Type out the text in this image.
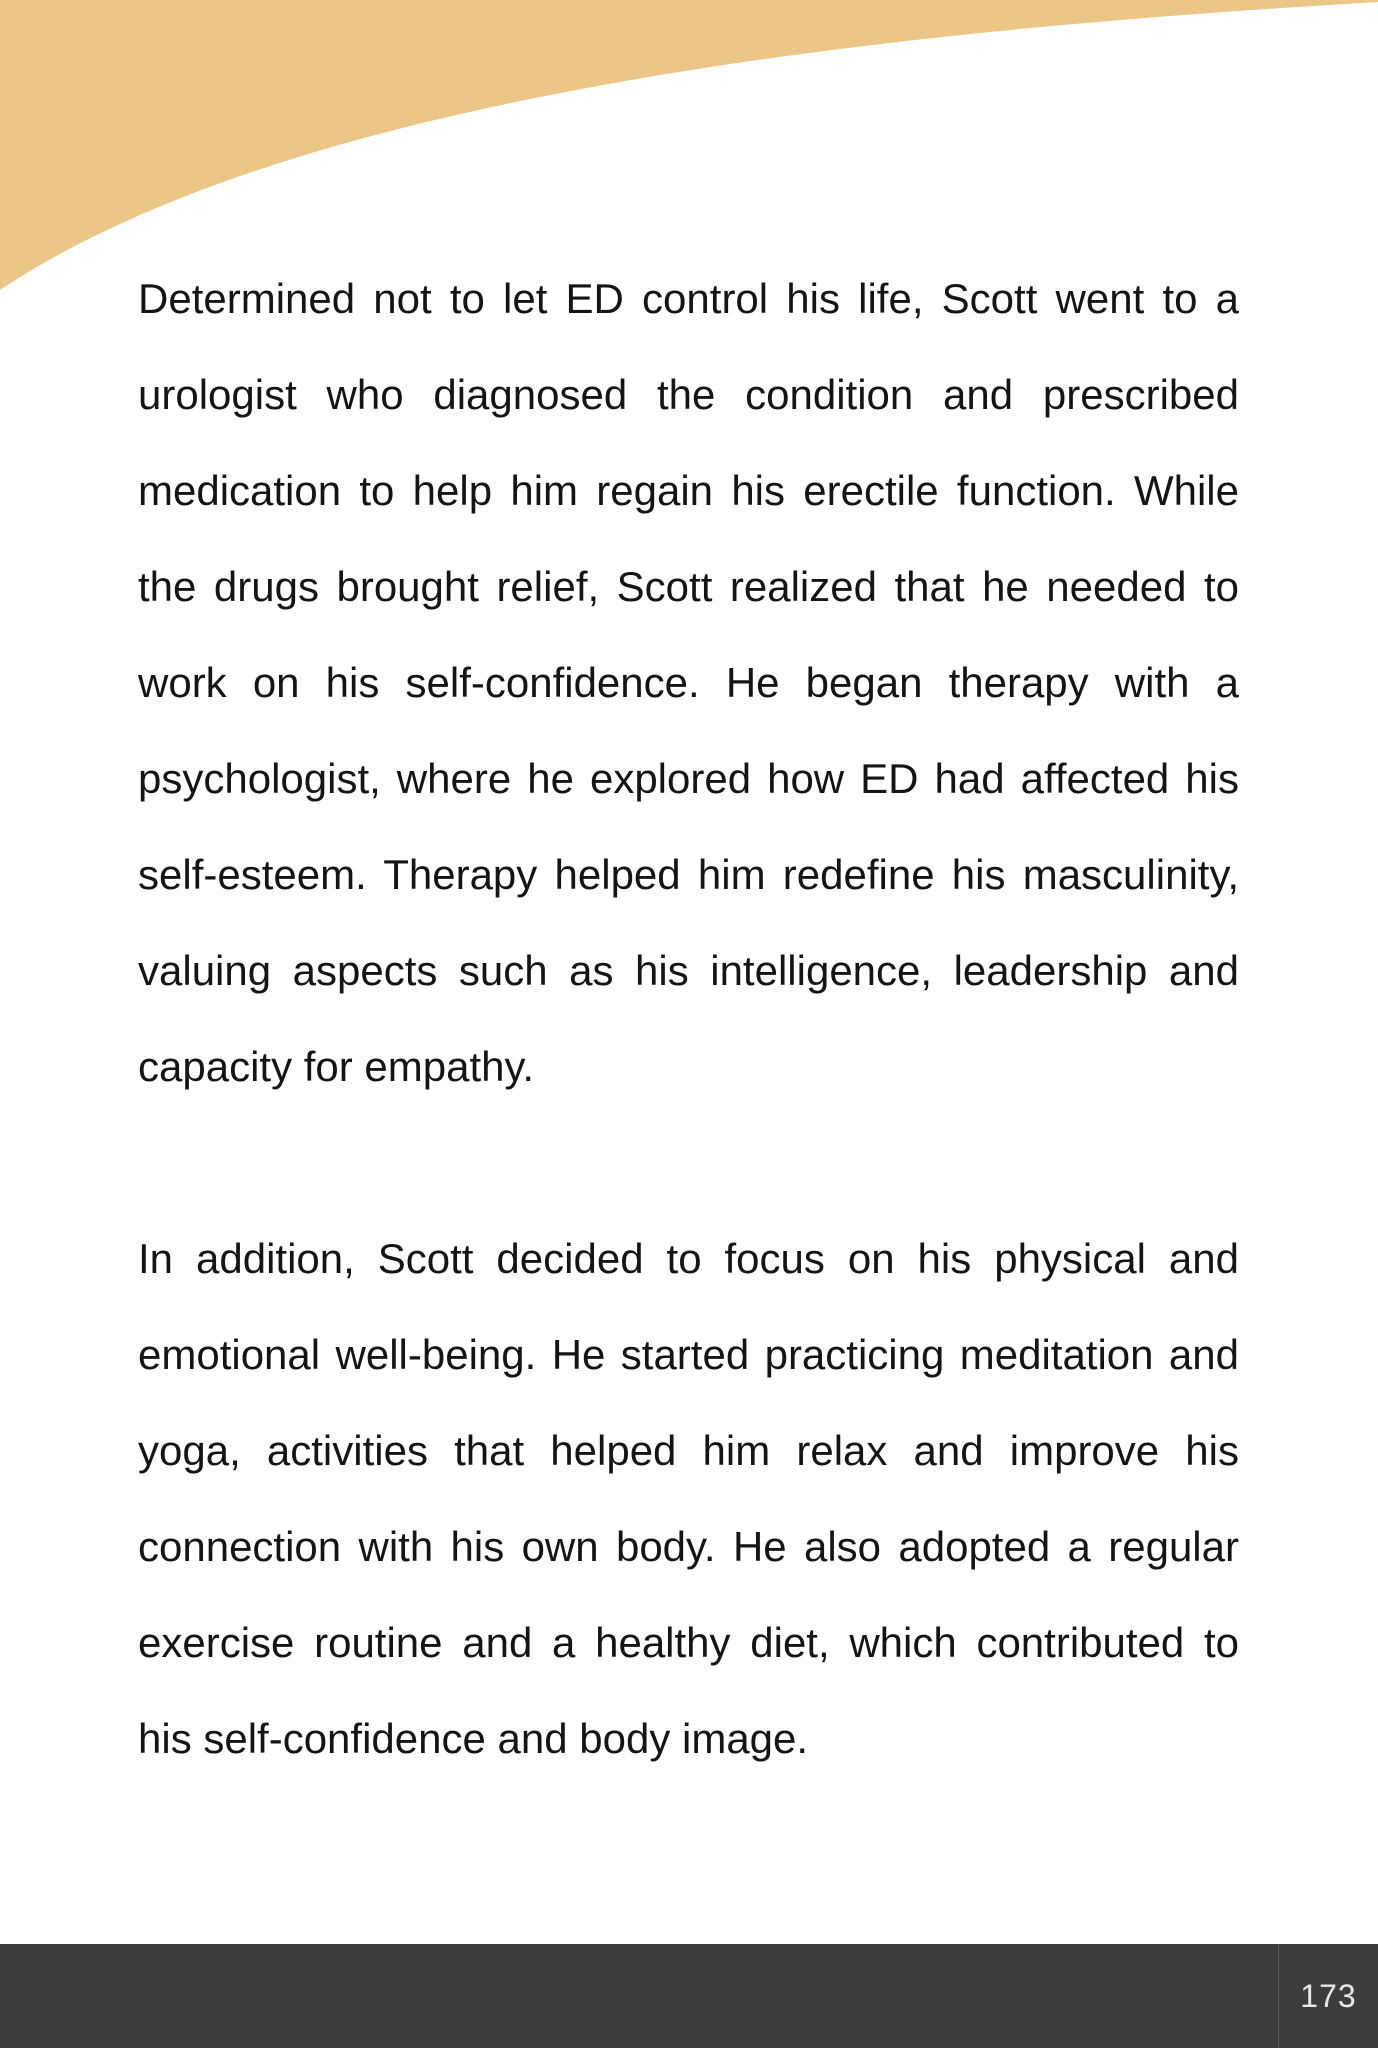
Determined not to let ED control his life, Scott went to a urologist who diagnosed the condition and prescribed medication to help him regain his erectile function. While the drugs brought relief, Scott realized that he needed to work on his self-confidence. He began therapy with a psychologist, where he explored how ED had affected his self-esteem. Therapy helped him redefine his masculinity, valuing aspects such as his intelligence, leadership and capacity for empathy.

In addition, Scott decided to focus on his physical and emotional well-being. He started practicing meditation and yoga, activities that helped him relax and improve his connection with his own body. He also adopted a regular exercise routine and a healthy diet, which contributed to his self-confidence and body image.

173
